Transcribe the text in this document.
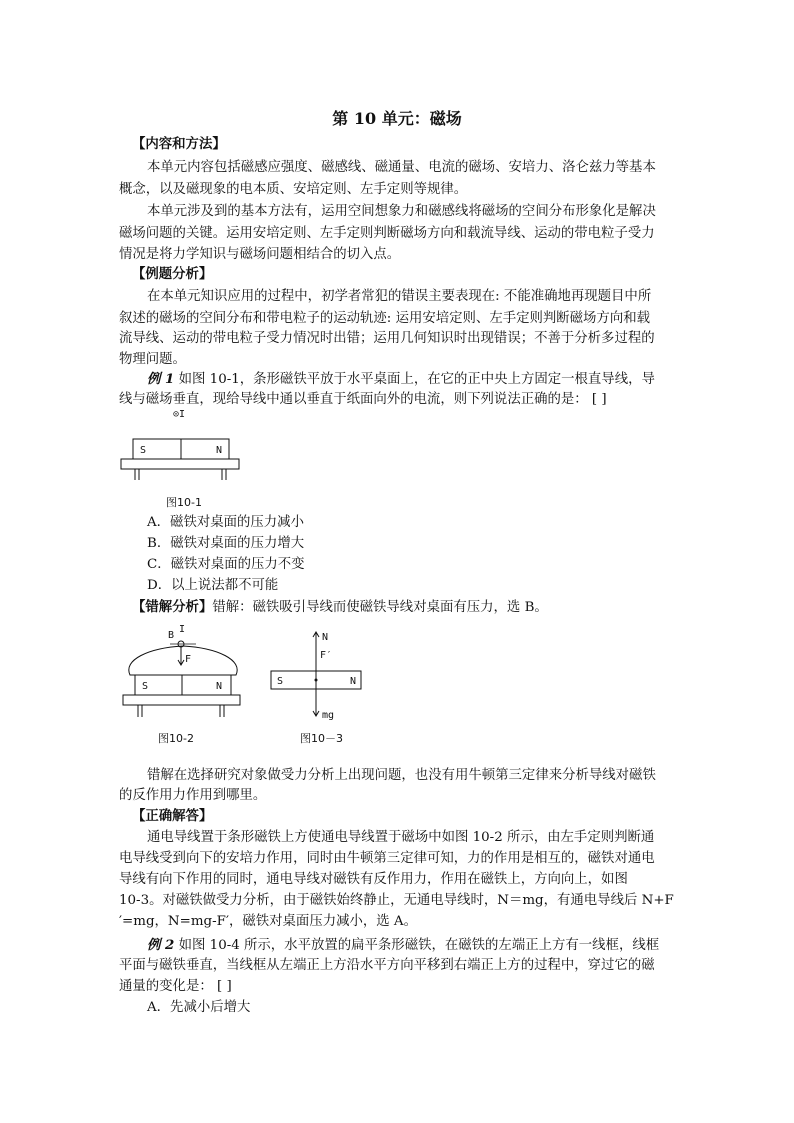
第 10 单元：磁场
【内容和方法】
本单元内容包括磁感应强度、磁感线、磁通量、电流的磁场、安培力、洛仑兹力等基本
概念，以及磁现象的电本质、安培定则、左手定则等规律。
本单元涉及到的基本方法有，运用空间想象力和磁感线将磁场的空间分布形象化是解决
磁场问题的关键。运用安培定则、左手定则判断磁场方向和载流导线、运动的带电粒子受力
情况是将力学知识与磁场问题相结合的切入点。
【例题分析】
在本单元知识应用的过程中，初学者常犯的错误主要表现在: 不能准确地再现题目中所
叙述的磁场的空间分布和带电粒子的运动轨迹: 运用安培定则、左手定则判断磁场方向和载
流导线、运动的带电粒子受力情况时出错；运用几何知识时出现错误；不善于分析多过程的
物理问题。
例 1 如图 10-1，条形磁铁平放于水平桌面上，在它的正中央上方固定一根直导线，导
线与磁场垂直，现给导线中通以垂直于纸面向外的电流，则下列说法正确的是： [ ]
⊙I
S	N
图10-1
A．磁铁对桌面的压力减小
B．磁铁对桌面的压力增大
C．磁铁对桌面的压力不变
D．以上说法都不可能
【错解分析】错解：磁铁吸引导线而使磁铁导线对桌面有压力，选 B。
B
I
F
S	N
图10-2
N
F′
S	N
mg
图10－3
错解在选择研究对象做受力分析上出现问题，也没有用牛顿第三定律来分析导线对磁铁
的反作用力作用到哪里。
【正确解答】
通电导线置于条形磁铁上方使通电导线置于磁场中如图 10-2 所示，由左手定则判断通
电导线受到向下的安培力作用，同时由牛顿第三定律可知，力的作用是相互的，磁铁对通电
导线有向下作用的同时，通电导线对磁铁有反作用力，作用在磁铁上，方向向上，如图
10-3。对磁铁做受力分析，由于磁铁始终静止，无通电导线时，N＝mg，有通电导线后 N+F
′=mg，N=mg-F′，磁铁对桌面压力减小，选 A。
例 2 如图 10-4 所示，水平放置的扁平条形磁铁，在磁铁的左端正上方有一线框，线框
平面与磁铁垂直，当线框从左端正上方沿水平方向平移到右端正上方的过程中，穿过它的磁
通量的变化是： [ ]
A．先减小后增大
